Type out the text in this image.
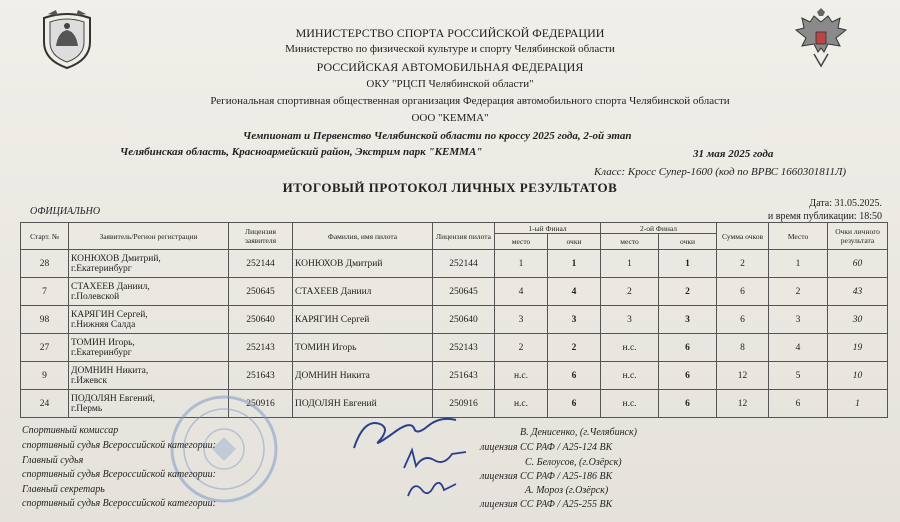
МИНИСТЕРСТВО СПОРТА РОССИЙСКОЙ ФЕДЕРАЦИИ
Министерство по физической культуре и спорту Челябинской области
РОССИЙСКАЯ АВТОМОБИЛЬНАЯ ФЕДЕРАЦИЯ
ОКУ "РЦСП Челябинской области"
Региональная спортивная общественная организация Федерация автомобильного спорта Челябинской области
ООО "КЕММА"
Чемпионат и Первенство Челябинской области по кроссу 2025 года, 2-ой этап
Челябинская область, Красноармейский район, Экстрим парк "КЕММА"	31 мая 2025 года
Класс: Кросс Супер-1600 (код по ВРВС 1660301811Л)
ИТОГОВЫЙ ПРОТОКОЛ ЛИЧНЫХ РЕЗУЛЬТАТОВ
ОФИЦИАЛЬНО
Дата: 31.05.2025.
и время публикации: 18:50
Старт. №	Заявитель/Регион регистрации	Лицензия заявителя	Фамилия, имя пилота	Лицензия пилота	1-ый Финал		2-ой Финал		Сумма очков	Место	Очки личного результата
					место	очки	место	очки			
28	КОНЮХОВ Дмитрий,
г.Екатеринбург	252144	КОНЮХОВ Дмитрий	252144	1	1	1	1	2	1	60
7	СТАХЕЕВ Даниил,
г.Полевской	250645	СТАХЕЕВ Даниил	250645	4	4	2	2	6	2	43
98	КАРЯГИН Сергей,
г.Нижняя Салда	250640	КАРЯГИН Сергей	250640	3	3	3	3	6	3	30
27	ТОМИН Игорь,
г.Екатеринбург	252143	ТОМИН Игорь	252143	2	2	н.с.	6	8	4	19
9	ДОМНИН Никита,
г.Ижевск	251643	ДОМНИН Никита	251643	н.с.	6	н.с.	6	12	5	10
24	ПОДОЛЯН Евгений,
г.Пермь	250916	ПОДОЛЯН Евгений	250916	н.с.	6	н.с.	6	12	6	1
Спортивный комиссар
спортивный судья Всероссийской категории:
Главный судья
спортивный судья Всероссийской категории:
Главный секретарь
спортивный судья Всероссийской категории:
В. Денисенко, (г.Челябинск)
лицензия СС РАФ / А25-124 ВК
С. Белоусов, (г.Озёрск)
лицензия СС РАФ / А25-186 ВК
А. Мороз (г.Озёрск)
лицензия СС РАФ / А25-255 ВК
